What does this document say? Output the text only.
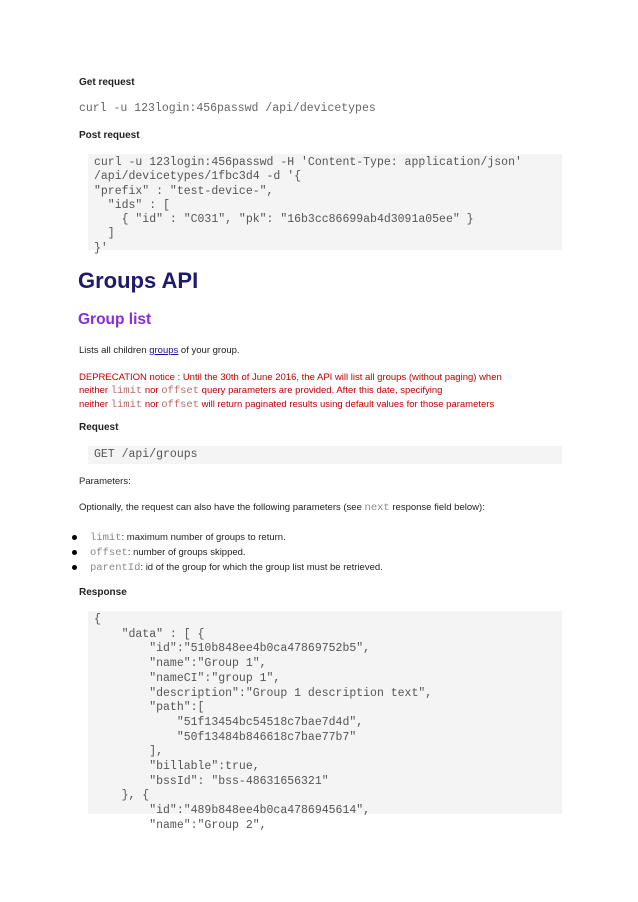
Get request
curl -u 123login:456passwd /api/devicetypes
Post request
curl -u 123login:456passwd -H 'Content-Type: application/json'
/api/devicetypes/1fbc3d4 -d '{
"prefix" : "test-device-",
"ids" : [
{ "id" : "C031", "pk": "16b3cc86699ab4d3091a05ee" }
]
}'
Groups API
Group list
Lists all children groups of your group.
DEPRECATION notice : Until the 30th of June 2016, the API will list all groups (without paging) when
neither limit nor offset query parameters are provided. After this date, specifying
neither limit nor offset will return paginated results using default values for those parameters
Request
GET /api/groups
Parameters:
Optionally, the request can also have the following parameters (see next response field below):
limit: maximum number of groups to return.
offset: number of groups skipped.
parentId: id of the group for which the group list must be retrieved.
Response
{
"data" : [ {
"id":"510b848ee4b0ca47869752b5",
"name":"Group 1",
"nameCI":"group 1",
"description":"Group 1 description text",
"path":[
"51f13454bc54518c7bae7d4d",
"50f13484b846618c7bae77b7"
],
"billable":true,
"bssId": "bss-48631656321"
}, {
"id":"489b848ee4b0ca4786945614",
"name":"Group 2",
